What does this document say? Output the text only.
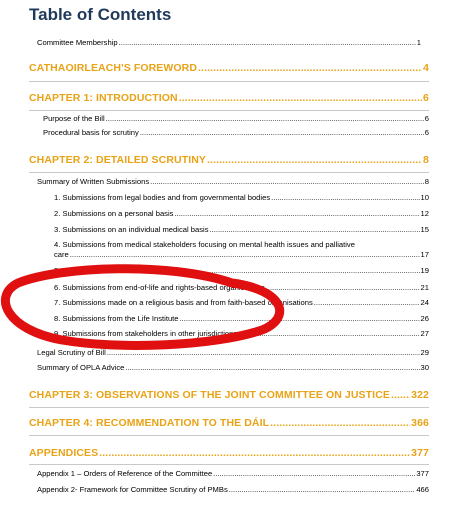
Table of Contents
Committee Membership .....	1
CATHAOIRLEACH'S FOREWORD .....	4
CHAPTER 1: INTRODUCTION .....	6
Purpose of the Bill .....	6
Procedural basis for scrutiny .....	6
CHAPTER 2: DETAILED SCRUTINY .....	8
Summary of Written Submissions .....	8
1. Submissions from legal bodies and from governmental bodies .....	10
2. Submissions on a personal basis .....	12
3. Submissions on an individual medical basis .....	15
4. Submissions from medical stakeholders focusing on mental health issues and palliative
care .....	17
5. Submissions from other stakeholders .....	19
6. Submissions from end-of-life and rights-based organisations .....	21
7. Submissions made on a religious basis and from faith-based organisations .....	24
8. Submissions from the Life Institute .....	26
9. Submissions from stakeholders in other jurisdictions .....	27
Legal Scrutiny of Bill .....	29
Summary of OPLA Advice .....	30
CHAPTER 3: OBSERVATIONS OF THE JOINT COMMITTEE ON JUSTICE ..... 322
CHAPTER 4: RECOMMENDATION TO THE DÁIL .....	366
APPENDICES .....	377
Appendix 1 – Orders of Reference of the Committee .....	377
Appendix 2- Framework for Committee Scrutiny of PMBs .....	466
